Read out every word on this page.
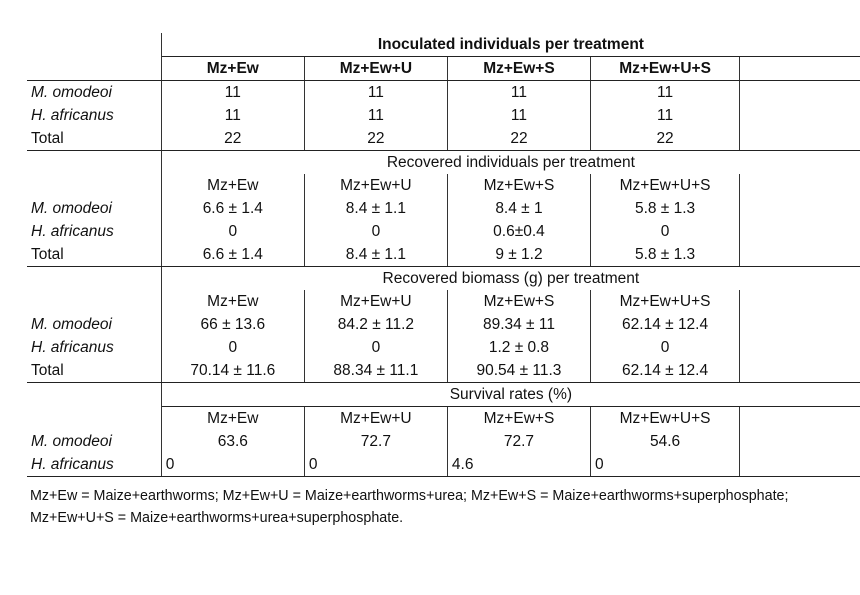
	Inoculated individuals per treatment				
	Mz+Ew	Mz+Ew+U	Mz+Ew+S	Mz+Ew+U+S	
M. omodeoi	11	11	11	11	
H. africanus	11	11	11	11	
Total	22	22	22	22	
	Recovered individuals per treatment				
	Mz+Ew	Mz+Ew+U	Mz+Ew+S	Mz+Ew+U+S	
M. omodeoi	6.6 ± 1.4	8.4 ± 1.1	8.4 ± 1	5.8 ± 1.3	
H. africanus	0	0	0.6±0.4	0	
Total	6.6 ± 1.4	8.4 ± 1.1	9 ± 1.2	5.8 ± 1.3	
	Recovered biomass (g) per treatment				
	Mz+Ew	Mz+Ew+U	Mz+Ew+S	Mz+Ew+U+S	
M. omodeoi	66 ± 13.6	84.2 ± 11.2	89.34 ± 11	62.14 ± 12.4	
H. africanus	0	0	1.2 ± 0.8	0	
Total	70.14 ± 11.6	88.34 ± 11.1	90.54 ± 11.3	62.14 ± 12.4	
	Survival rates (%)				
	Mz+Ew	Mz+Ew+U	Mz+Ew+S	Mz+Ew+U+S	
M. omodeoi	63.6	72.7	72.7	54.6	
H. africanus	0	0	4.6	0	
Mz+Ew = Maize+earthworms; Mz+Ew+U = Maize+earthworms+urea; Mz+Ew+S = Maize+earthworms+superphosphate;
Mz+Ew+U+S = Maize+earthworms+urea+superphosphate.
